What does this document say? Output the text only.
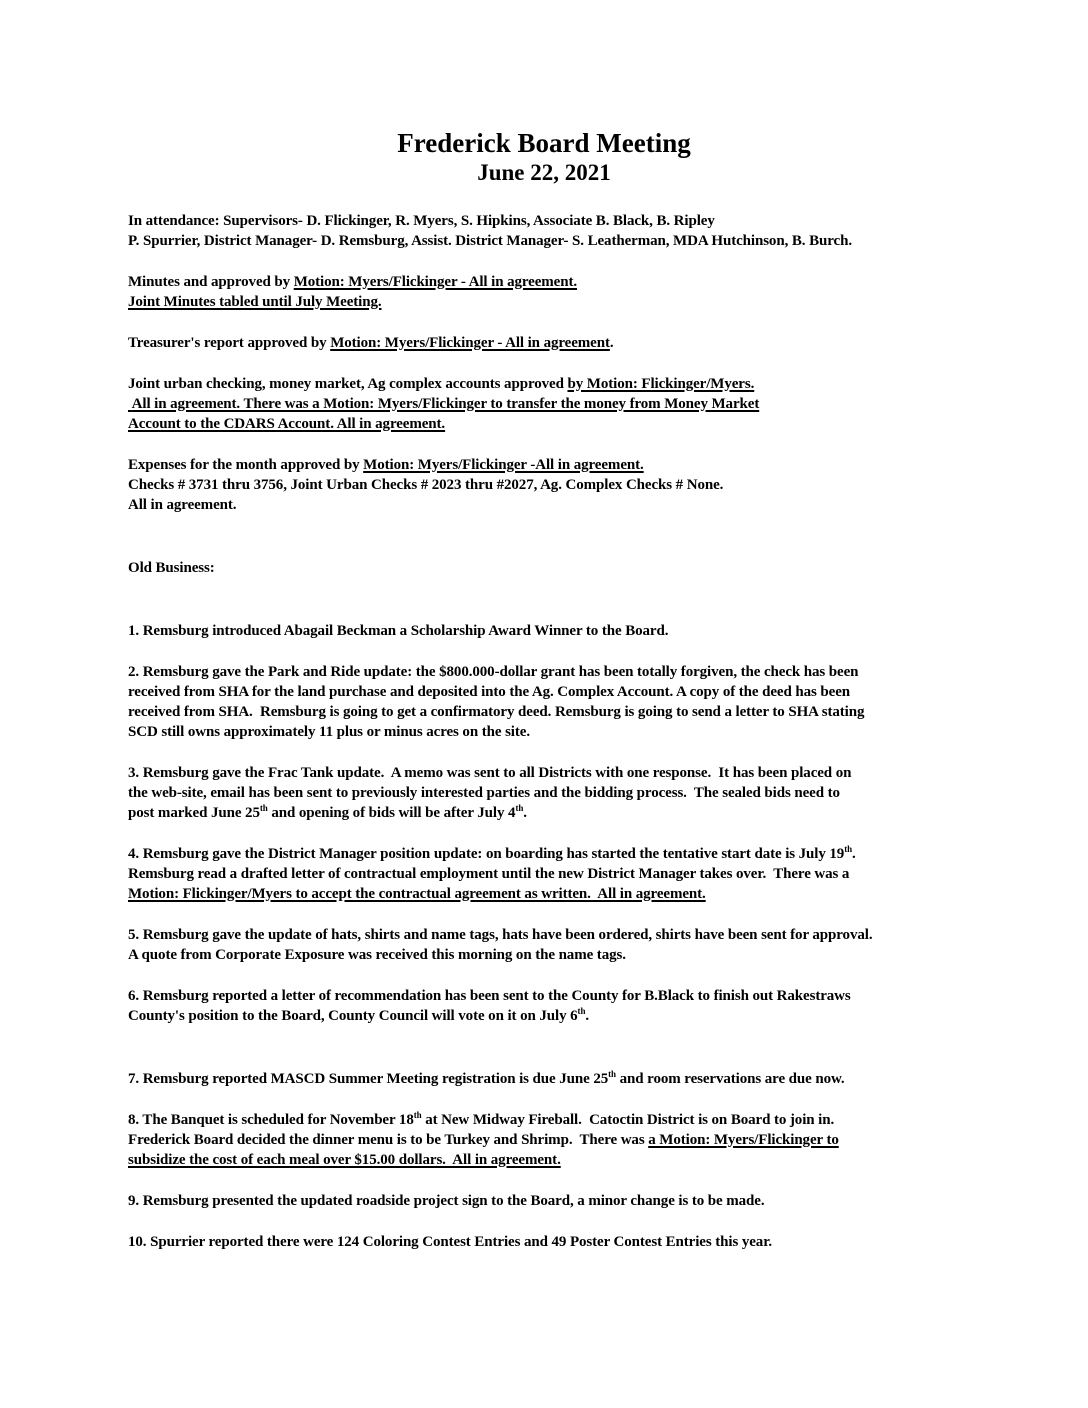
Frederick Board Meeting
June 22, 2021

In attendance: Supervisors- D. Flickinger, R. Myers, S. Hipkins, Associate B. Black, B. Ripley
P. Spurrier, District Manager- D. Remsburg, Assist. District Manager- S. Leatherman, MDA Hutchinson, B. Burch.

Minutes and approved by Motion: Myers/Flickinger - All in agreement.
Joint Minutes tabled until July Meeting.

Treasurer's report approved by Motion: Myers/Flickinger - All in agreement.

Joint urban checking, money market, Ag complex accounts approved by Motion: Flickinger/Myers.
All in agreement. There was a Motion: Myers/Flickinger to transfer the money from Money Market
Account to the CDARS Account. All in agreement.

Expenses for the month approved by Motion: Myers/Flickinger -All in agreement.
Checks # 3731 thru 3756, Joint Urban Checks # 2023 thru #2027, Ag. Complex Checks # None.
All in agreement.

Old Business:

1. Remsburg introduced Abagail Beckman a Scholarship Award Winner to the Board.

2. Remsburg gave the Park and Ride update: the $800.000-dollar grant has been totally forgiven, the check has been
received from SHA for the land purchase and deposited into the Ag. Complex Account. A copy of the deed has been
received from SHA.  Remsburg is going to get a confirmatory deed. Remsburg is going to send a letter to SHA stating
SCD still owns approximately 11 plus or minus acres on the site.

3. Remsburg gave the Frac Tank update.  A memo was sent to all Districts with one response.  It has been placed on
the web-site, email has been sent to previously interested parties and the bidding process.  The sealed bids need to
post marked June 25th and opening of bids will be after July 4th.

4. Remsburg gave the District Manager position update: on boarding has started the tentative start date is July 19th.
Remsburg read a drafted letter of contractual employment until the new District Manager takes over.  There was a
Motion: Flickinger/Myers to accept the contractual agreement as written.  All in agreement.

5. Remsburg gave the update of hats, shirts and name tags, hats have been ordered, shirts have been sent for approval.
A quote from Corporate Exposure was received this morning on the name tags.

6. Remsburg reported a letter of recommendation has been sent to the County for B.Black to finish out Rakestraws
County's position to the Board, County Council will vote on it on July 6th.

7. Remsburg reported MASCD Summer Meeting registration is due June 25th and room reservations are due now.

8. The Banquet is scheduled for November 18th at New Midway Fireball.  Catoctin District is on Board to join in.
Frederick Board decided the dinner menu is to be Turkey and Shrimp.  There was a Motion: Myers/Flickinger to
subsidize the cost of each meal over $15.00 dollars.  All in agreement.

9. Remsburg presented the updated roadside project sign to the Board, a minor change is to be made.

10. Spurrier reported there were 124 Coloring Contest Entries and 49 Poster Contest Entries this year.
